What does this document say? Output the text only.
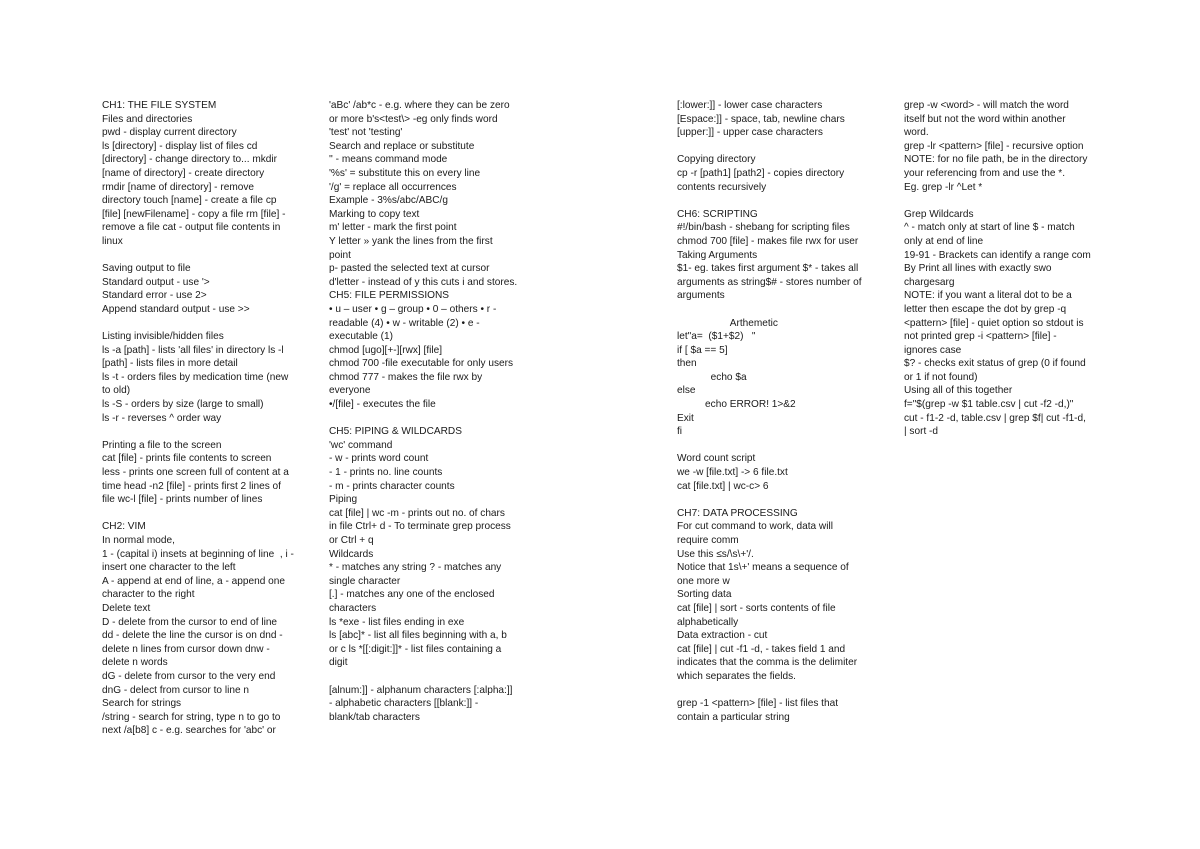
CH1: THE FILE SYSTEM

Files and directories

pwd - display current directory

ls [directory] - display list of files cd

[directory] - change directory to... mkdir

[name of directory] - create directory

rmdir [name of directory] - remove

directory touch [name] - create a file cp

[file] [newFilename] - copy a file rm [file] -

remove a file cat - output file contents in

linux

Saving output to file

Standard output - use '>

Standard error - use 2>

Append standard output - use >>

Listing invisible/hidden files

ls -a [path] - lists 'all files' in directory ls -l

[path] - lists files in more detail

ls -t - orders files by medication time (new

to old)

ls -S - orders by size (large to small)

ls -r - reverses ^ order way

Printing a file to the screen

cat [file] - prints file contents to screen

less - prints one screen full of content at a

time head -n2 [file] - prints first 2 lines of

file wc-l [file] - prints number of lines

CH2: VIM

In normal mode,

1 - (capital i) insets at beginning of line  , i -

insert one character to the left

A - append at end of line, a - append one

character to the right

Delete text

D - delete from the cursor to end of line

dd - delete the line the cursor is on dnd -

delete n lines from cursor down dnw -

delete n words

dG - delete from cursor to the very end

dnG - delect from cursor to line n

Search for strings

/string - search for string, type n to go to

next /a[b8] c - e.g. searches for 'abc' or

'aBc' /ab*c - e.g. where they can be zero

or more b's<test\> -eg only finds word

'test' not 'testing'

Search and replace or substitute

'' - means command mode

'%s' = substitute this on every line

'/g' = replace all occurrences

Example - 3%s/abc/ABC/g

Marking to copy text

m' letter - mark the first point

Y letter » yank the lines from the first

point

p- pasted the selected text at cursor

d'letter - instead of y this cuts i and stores.

CH5: FILE PERMISSIONS

• u – user • g – group • 0 – others • r -

readable (4) • w - writable (2) • e -

executable (1)

chmod [ugo][+-][rwx] [file]

chmod 700 -file executable for only users

chmod 777 - makes the file rwx by

everyone

•/[file] - executes the file

CH5: PIPING & WILDCARDS

'wc' command

- w - prints word count

- 1 - prints no. line counts

- m - prints character counts

Piping

cat [file] | wc -m - prints out no. of chars

in file Ctrl+ d - To terminate grep process

or Ctrl + q

Wildcards

* - matches any string ? - matches any

single character

[.] - matches any one of the enclosed

characters

ls *exe - list files ending in exe

ls [abc]* - list all files beginning with a, b

or c ls *[[:digit:]]* - list files containing a

digit

[alnum:]] - alphanum characters [:alpha:]]

- alphabetic characters [[blank:]] -

blank/tab characters

[:lower:]] - lower case characters

[Espace:]] - space, tab, newline chars

[upper:]] - upper case characters

Copying directory

cp -r [path1] [path2] - copies directory

contents recursively

CH6: SCRIPTING

#!/bin/bash - shebang for scripting files

chmod 700 [file] - makes file rwx for user

Taking Arguments

$1- eg. takes first argument $* - takes all

arguments as string$# - stores number of

arguments

Arthemetic

let"a=  ($1+$2)   "

if [ $a == 5]

then

echo $a

else

echo ERROR! 1>&2

Exit

fi

Word count script

we -w [file.txt] -> 6 file.txt

cat [file.txt] | wc-c> 6

CH7: DATA PROCESSING

For cut command to work, data will

require comm

Use this ≤s/\s\+'/.

Notice that 1s\+' means a sequence of

one more w

Sorting data

cat [file] | sort - sorts contents of file

alphabetically

Data extraction - cut

cat [file] | cut -f1 -d, - takes field 1 and

indicates that the comma is the delimiter

which separates the fields.

grep -1 <pattern> [file] - list files that

contain a particular string

grep -w <word> - will match the word

itself but not the word within another

word.

grep -lr <pattern> [file] - recursive option

NOTE: for no file path, be in the directory

your referencing from and use the *.

Eg. grep -lr ^Let *

Grep Wildcards

^ - match only at start of line $ - match

only at end of line

19-91 - Brackets can identify a range com

By Print all lines with exactly swo

chargesarg

NOTE: if you want a literal dot to be a

letter then escape the dot by grep -q

<pattern> [file] - quiet option so stdout is

not printed grep -i <pattern> [file] -

ignores case

$? - checks exit status of grep (0 if found

or 1 if not found)

Using all of this together

f="$(grep -w $1 table.csv | cut -f2 -d,)"

cut - f1-2 -d, table.csv | grep $f| cut -f1-d,

| sort -d
